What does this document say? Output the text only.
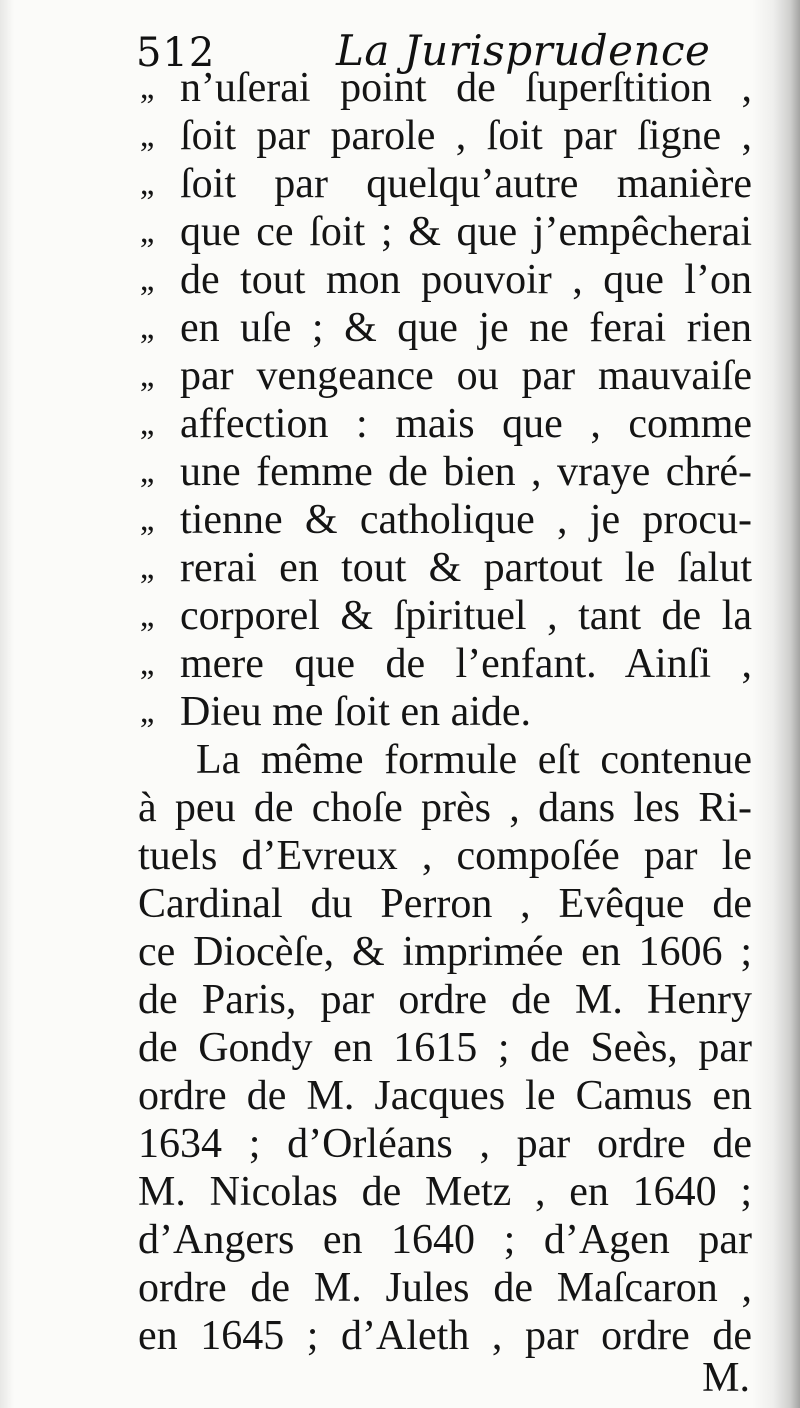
512	La Jurisprudence
,, n’uſerai point de ſuperſtition ,
,, ſoit par parole , ſoit par ſigne ,
,, ſoit par quelqu’autre manière
,, que ce ſoit ; & que j’empêcherai
,, de tout mon pouvoir , que l’on
,, en uſe ; & que je ne ferai rien
,, par vengeance ou par mauvaiſe
,, affection : mais que , comme
,, une femme de bien , vraye chré-
,, tienne & catholique , je procu-
,, rerai en tout & partout le ſalut
,, corporel & ſpirituel , tant de la
,, mere que de l’enfant. Ainſi ,
,, Dieu me ſoit en aide.
La même formule eſt contenue
à peu de choſe près , dans les Ri-
tuels d’Evreux , compoſée par le
Cardinal du Perron , Evêque de
ce Diocèſe, & imprimée en 1606 ;
de Paris, par ordre de M. Henry
de Gondy en 1615 ; de Seès, par
ordre de M. Jacques le Camus en
1634 ; d’Orléans , par ordre de
M. Nicolas de Metz , en 1640 ;
d’Angers en 1640 ; d’Agen par
ordre de M. Jules de Maſcaron ,
en 1645 ; d’Aleth , par ordre de
M.
